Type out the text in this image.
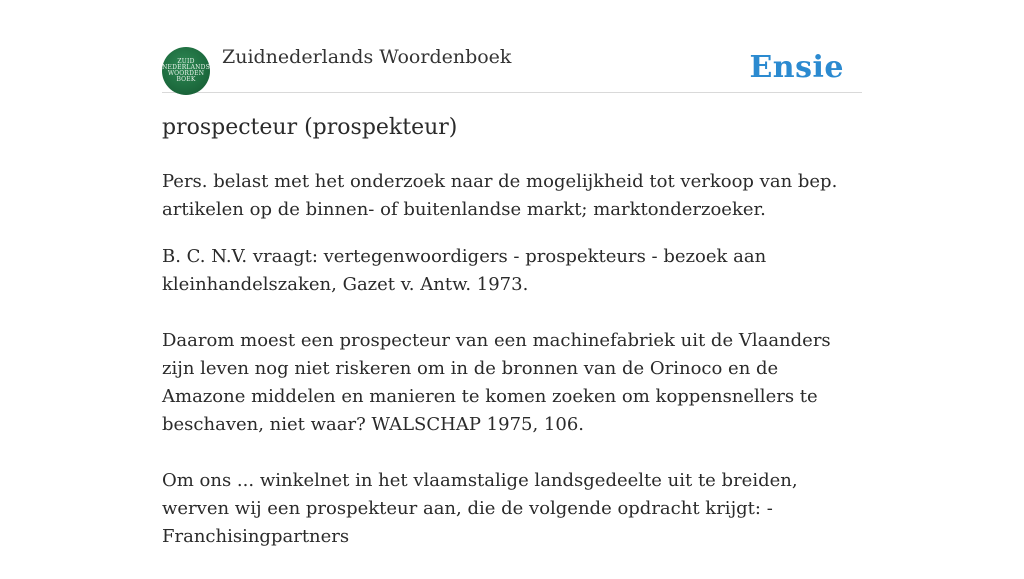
ZUID
NEDERLANDS
WOORDEN
BOEK
Zuidnederlands Woordenboek	Ensie
prospecteur (prospekteur)

Pers. belast met het onderzoek naar de mogelijkheid tot verkoop van bep. artikelen op de binnen- of buitenlandse markt; marktonderzoeker.

B. C. N.V. vraagt: vertegenwoordigers - prospekteurs - bezoek aan kleinhandelszaken, Gazet v. Antw. 1973.

Daarom moest een prospecteur van een machinefabriek uit de Vlaanders zijn leven nog niet riskeren om in de bronnen van de Orinoco en de Amazone middelen en manieren te komen zoeken om koppensnellers te beschaven, niet waar? WALSCHAP 1975, 106.

Om ons ... winkelnet in het vlaamstalige landsgedeelte uit te breiden, werven wij een prospekteur aan, die de volgende opdracht krijgt: - Franchisingpartners
